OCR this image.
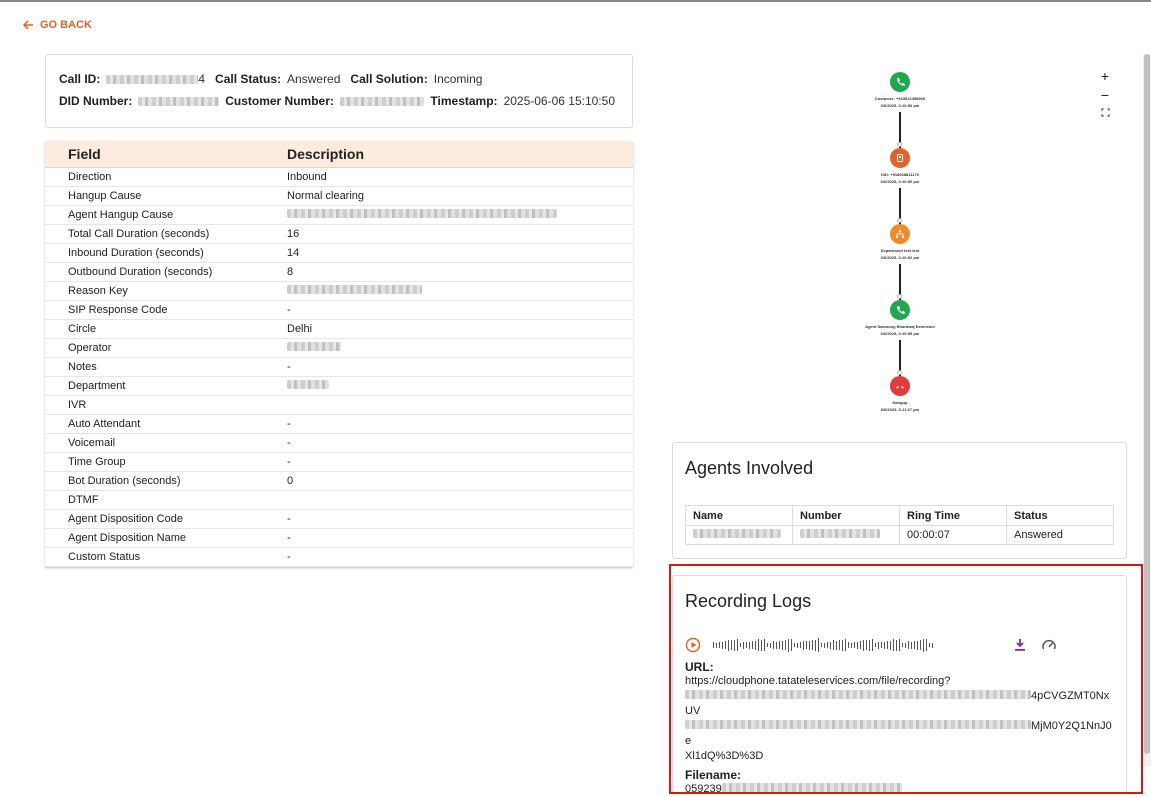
GO BACK
Call ID:	4 Call Status: Answered Call Solution: Incoming
DID Number:	Customer Number:	Timestamp: 2025-06-06 15:10:50
Field	Description
Direction	Inbound
Hangup Cause	Normal clearing
Agent Hangup Cause	
Total Call Duration (seconds)	16
Inbound Duration (seconds)	14
Outbound Duration (seconds)	8
Reason Key	
SIP Response Code	-
Circle	Delhi
Operator	
Notes	-
Department	
IVR	
Auto Attendant	-
Voicemail	-
Time Group	-
Bot Duration (seconds)	0
DTMF	
Agent Disposition Code	-
Agent Disposition Name	-
Custom Status	-
Customer: +919621498966
6/6/2025, 3:10:50 pm
DID: +918068811170
6/6/2025, 3:10:50 pm
Department test test
6/6/2025, 3:10:52 pm
Agent Samsung Bhardwaj Extension
6/6/2025, 3:10:59 pm
Hangup
6/6/2025, 3:11:07 pm
+
−
Agents Involved
Name	Number	Ring Time	Status
		00:00:07	Answered
Recording Logs
URL:
https://cloudphone.tatateleservices.com/file/recording?
4pCVGZMT0NxUV
MjM0Y2Q1NnJ0e
Xl1dQ%3D%3D
Filename:
059239
